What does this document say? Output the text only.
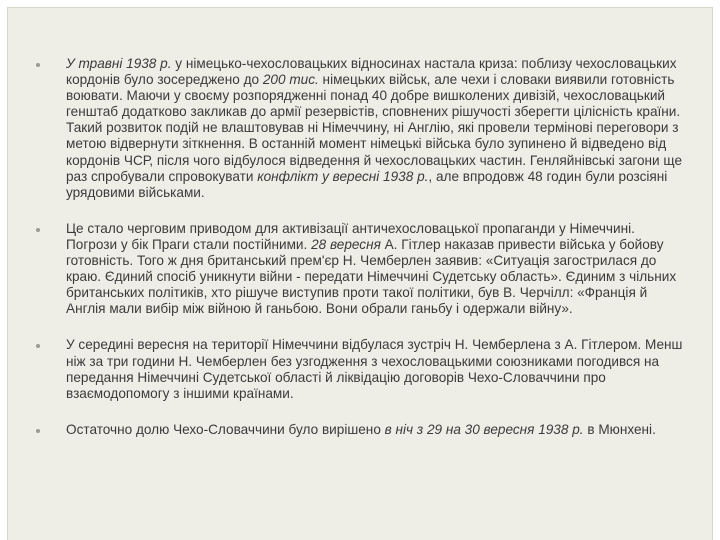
У травні 1938 р. у німецько-чехословацьких відносинах настала криза: поблизу чехословацьких кордонів було зосереджено до 200 тис. німецьких військ, але чехи і словаки виявили готовність воювати. Маючи у своєму розпорядженні понад 40 добре вишколених дивізій, чехословацький генштаб додатково закликав до армії резервістів, сповнених рішучості зберегти цілісність країни. Такий розвиток подій не влаштовував ні Німеччину, ні Англію, які провели термінові переговори з метою відвернути зіткнення. В останній момент німецькі війська було зупинено й відведено від кордонів ЧСР, після чого відбулося відведення й чехословацьких частин. Генляйнівські загони ще раз спробували спровокувати конфлікт у вересні 1938 р., але впродовж 48 годин були розсіяні урядовими військами.
Це стало черговим приводом для активізації античехословацької пропаганди у Німеччині. Погрози у бік Праги стали постійними. 28 вересня А. Гітлер наказав привести війська у бойову готовність. Того ж дня британський прем'єр Н. Чемберлен заявив: «Ситуація загострилася до краю. Єдиний спосіб уникнути війни - передати Німеччині Судетську область». Єдиним з чільних британських політиків, хто рішуче виступив проти такої політики, був В. Черчілл: «Франція й Англія мали вибір між війною й ганьбою. Вони обрали ганьбу і одержали війну».
У середині вересня на території Німеччини відбулася зустріч Н. Чемберлена з А. Гітлером. Менш ніж за три години Н. Чемберлен без узгодження з чехословацькими союзниками погодився на передання Німеччині Судетської області й ліквідацію договорів Чехо-Словаччини про взаємодопомогу з іншими країнами.
Остаточно долю Чехо-Словаччини було вирішено в ніч з 29 на 30 вересня 1938 р. в Мюнхені.
